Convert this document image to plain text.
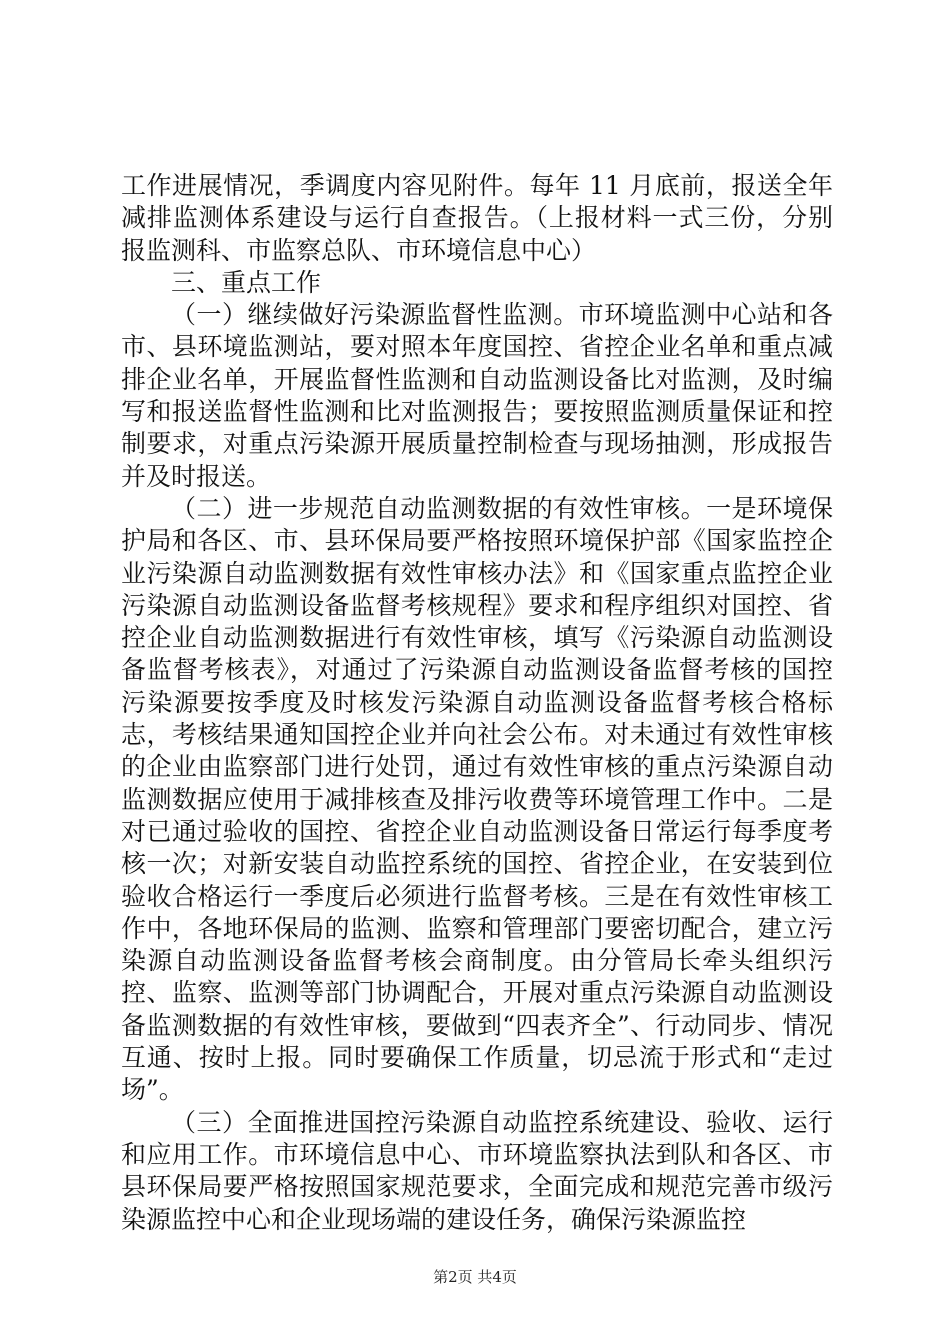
工作进展情况，季调度内容见附件。每年 11 月底前，报送全年减排监测体系建设与运行自查报告。（上报材料一式三份，分别报监测科、市监察总队、市环境信息中心）

三、重点工作

（一）继续做好污染源监督性监测。市环境监测中心站和各市、县环境监测站，要对照本年度国控、省控企业名单和重点减排企业名单，开展监督性监测和自动监测设备比对监测，及时编写和报送监督性监测和比对监测报告；要按照监测质量保证和控制要求，对重点污染源开展质量控制检查与现场抽测，形成报告并及时报送。

（二）进一步规范自动监测数据的有效性审核。一是环境保护局和各区、市、县环保局要严格按照环境保护部《国家监控企业污染源自动监测数据有效性审核办法》和《国家重点监控企业污染源自动监测设备监督考核规程》要求和程序组织对国控、省控企业自动监测数据进行有效性审核，填写《污染源自动监测设备监督考核表》，对通过了污染源自动监测设备监督考核的国控污染源要按季度及时核发污染源自动监测设备监督考核合格标志，考核结果通知国控企业并向社会公布。对未通过有效性审核的企业由监察部门进行处罚，通过有效性审核的重点污染源自动监测数据应使用于减排核查及排污收费等环境管理工作中。二是对已通过验收的国控、省控企业自动监测设备日常运行每季度考核一次；对新安装自动监控系统的国控、省控企业，在安装到位验收合格运行一季度后必须进行监督考核。三是在有效性审核工作中，各地环保局的监测、监察和管理部门要密切配合，建立污染源自动监测设备监督考核会商制度。由分管局长牵头组织污控、监察、监测等部门协调配合，开展对重点污染源自动监测设备监测数据的有效性审核，要做到“四表齐全”、行动同步、情况互通、按时上报。同时要确保工作质量，切忌流于形式和“走过场”。

（三）全面推进国控污染源自动监控系统建设、验收、运行和应用工作。市环境信息中心、市环境监察执法到队和各区、市县环保局要严格按照国家规范要求，全面完成和规范完善市级污染源监控中心和企业现场端的建设任务，确保污染源监控

第2页 共4页
